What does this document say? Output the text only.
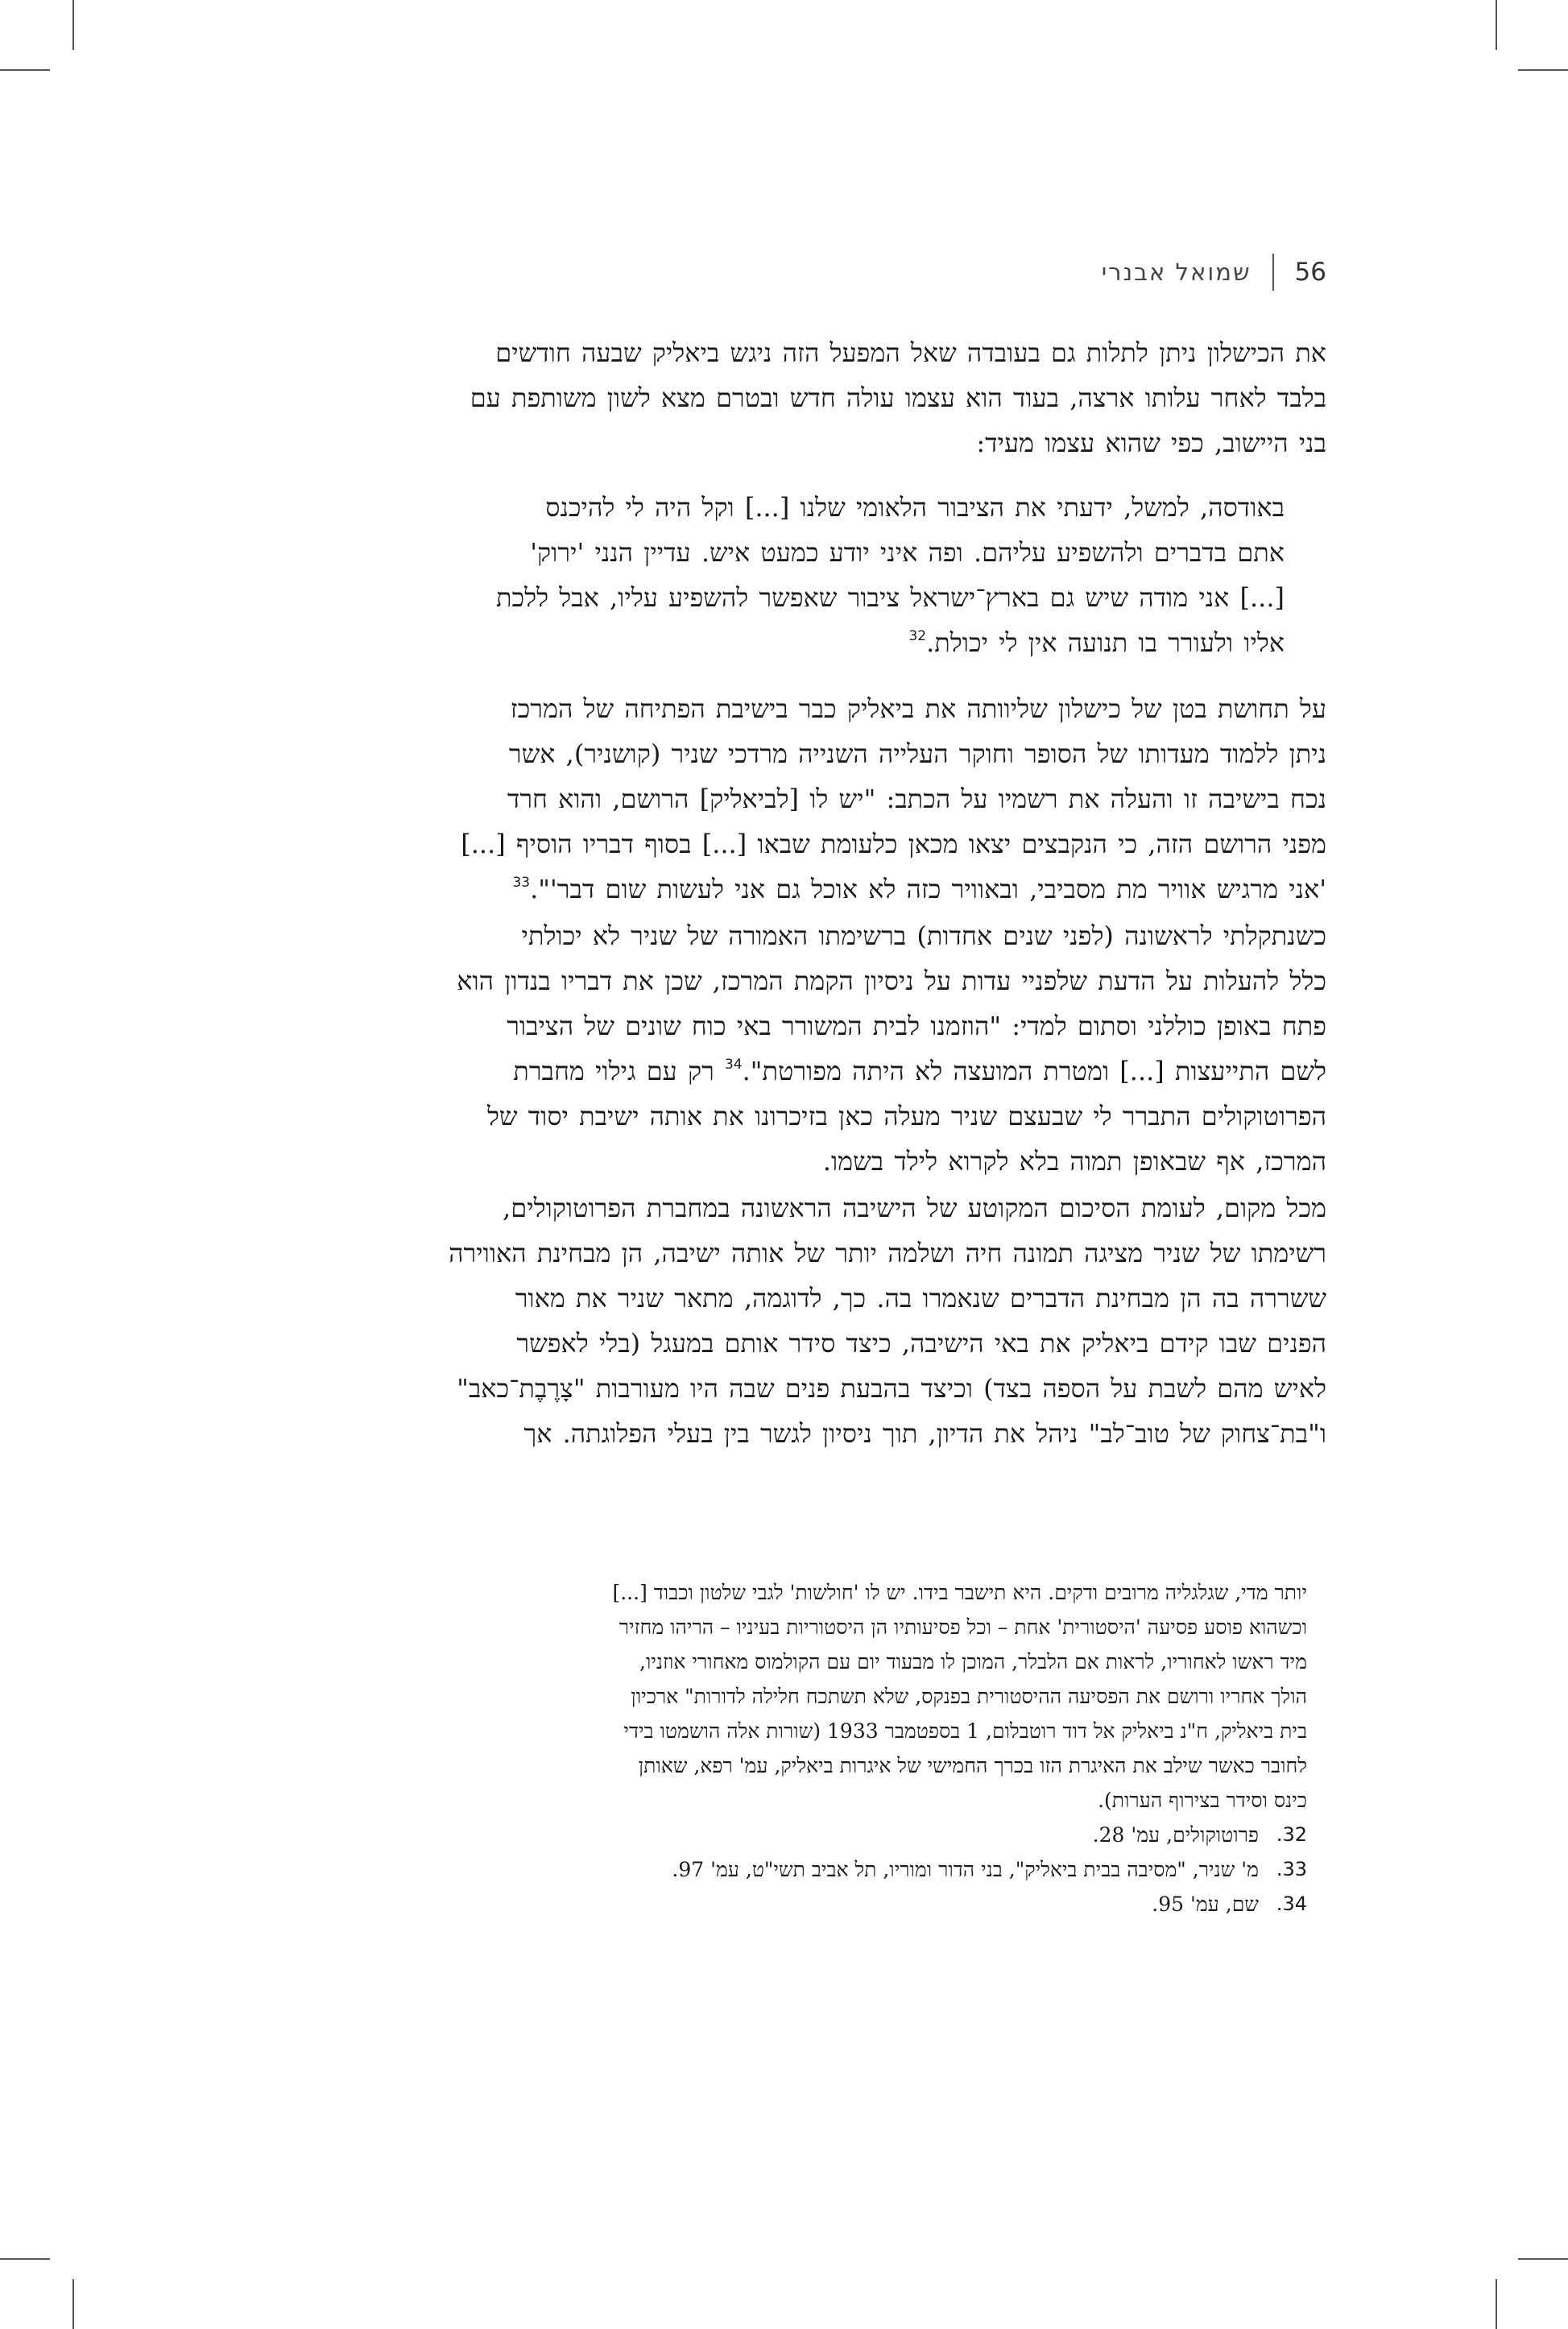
56
שמואל אבנרי

את הכישלון ניתן לתלות גם בעובדה שאל המפעל הזה ניגש ביאליק שבעה חודשים
בלבד לאחר עלותו ארצה, בעוד הוא עצמו עולה חדש ובטרם מצא לשון משותפת עם
בני היישוב, כפי שהוא עצמו מעיד:

באודסה, למשל, ידעתי את הציבור הלאומי שלנו [...] וקל היה לי להיכנס
אתם בדברים ולהשפיע עליהם. ופה איני יודע כמעט איש. עדיין הנני 'ירוק'
[...] אני מודה שיש גם בארץ־ישראל ציבור שאפשר להשפיע עליו, אבל ללכת
אליו ולעורר בו תנועה אין לי יכולת.$^{32}$

על תחושת בטן של כישלון שליוותה את ביאליק כבר בישיבת הפתיחה של המרכז
ניתן ללמוד מעדותו של הסופר וחוקר העלייה השנייה מרדכי שניר (קושניר), אשר
נכח בישיבה זו והעלה את רשמיו על הכתב: "יש לו [לביאליק] הרושם, והוא חרד
מפני הרושם הזה, כי הנקבצים יצאו מכאן כלעומת שבאו [...] בסוף דבריו הוסיף [...]
'אני מרגיש אוויר מת מסביבי, ובאוויר כזה לא אוכל גם אני לעשות שום דבר'".$^{33}$

כשנתקלתי לראשונה (לפני שנים אחדות) ברשימתו האמורה של שניר לא יכולתי
כלל להעלות על הדעת שלפניי עדות על ניסיון הקמת המרכז, שכן את דבריו בנדון הוא
פתח באופן כוללני וסתום למדי: "הוזמנו לבית המשורר באי כוח שונים של הציבור
לשם התייעצות [...] ומטרת המועצה לא היתה מפורטת".$^{34}$ רק עם גילוי מחברת
הפרוטוקולים התברר לי שבעצם שניר מעלה כאן בזיכרונו את אותה ישיבת יסוד של
המרכז, אף שבאופן תמוה בלא לקרוא לילד בשמו.

מכל מקום, לעומת הסיכום המקוטע של הישיבה הראשונה במחברת הפרוטוקולים,
רשימתו של שניר מציגה תמונה חיה ושלמה יותר של אותה ישיבה, הן מבחינת האווירה
ששררה בה הן מבחינת הדברים שנאמרו בה. כך, לדוגמה, מתאר שניר את מאור
הפנים שבו קידם ביאליק את באי הישיבה, כיצד סידר אותם במעגל (בלי לאפשר
לאיש מהם לשבת על הספה בצד) וכיצד בהבעת פנים שבה היו מעורבות "צָרֶבֶת־כאב"
ו"בת־צחוק של טוב־לב" ניהל את הדיון, תוך ניסיון לגשר בין בעלי הפלוגתה. אך

יותר מדי, שגלגליה מרובים ודקים. היא תישבר בידו. יש לו 'חולשות' לגבי שלטון וכבוד [...]
וכשהוא פוסע פסיעה 'היסטורית' אחת – וכל פסיעותיו הן היסטוריות בעיניו – הריהו מחזיר
מיד ראשו לאחוריו, לראות אם הלבלר, המוכן לו מבעוד יום עם הקולמוס מאחורי אוזניו,
הולך אחריו ורושם את הפסיעה ההיסטורית בפנקס, שלא תשתכח חלילה לדורות" ארכיון
בית ביאליק, ח"נ ביאליק אל דוד רוטבלום, 1 בספטמבר 1933 (שורות אלה הושמטו בידי
לחובר כאשר שילב את האיגרת הזו בכרך החמישי של איגרות ביאליק, עמ' רפא, שאותן
כינס וסידר בצירוף הערות).
32.
פרוטוקולים, עמ' 28.
33.
מ' שניר, "מסיבה בבית ביאליק", בני הדור ומוריו, תל אביב תשי"ט, עמ' 97.
34.
שם, עמ' 95.
